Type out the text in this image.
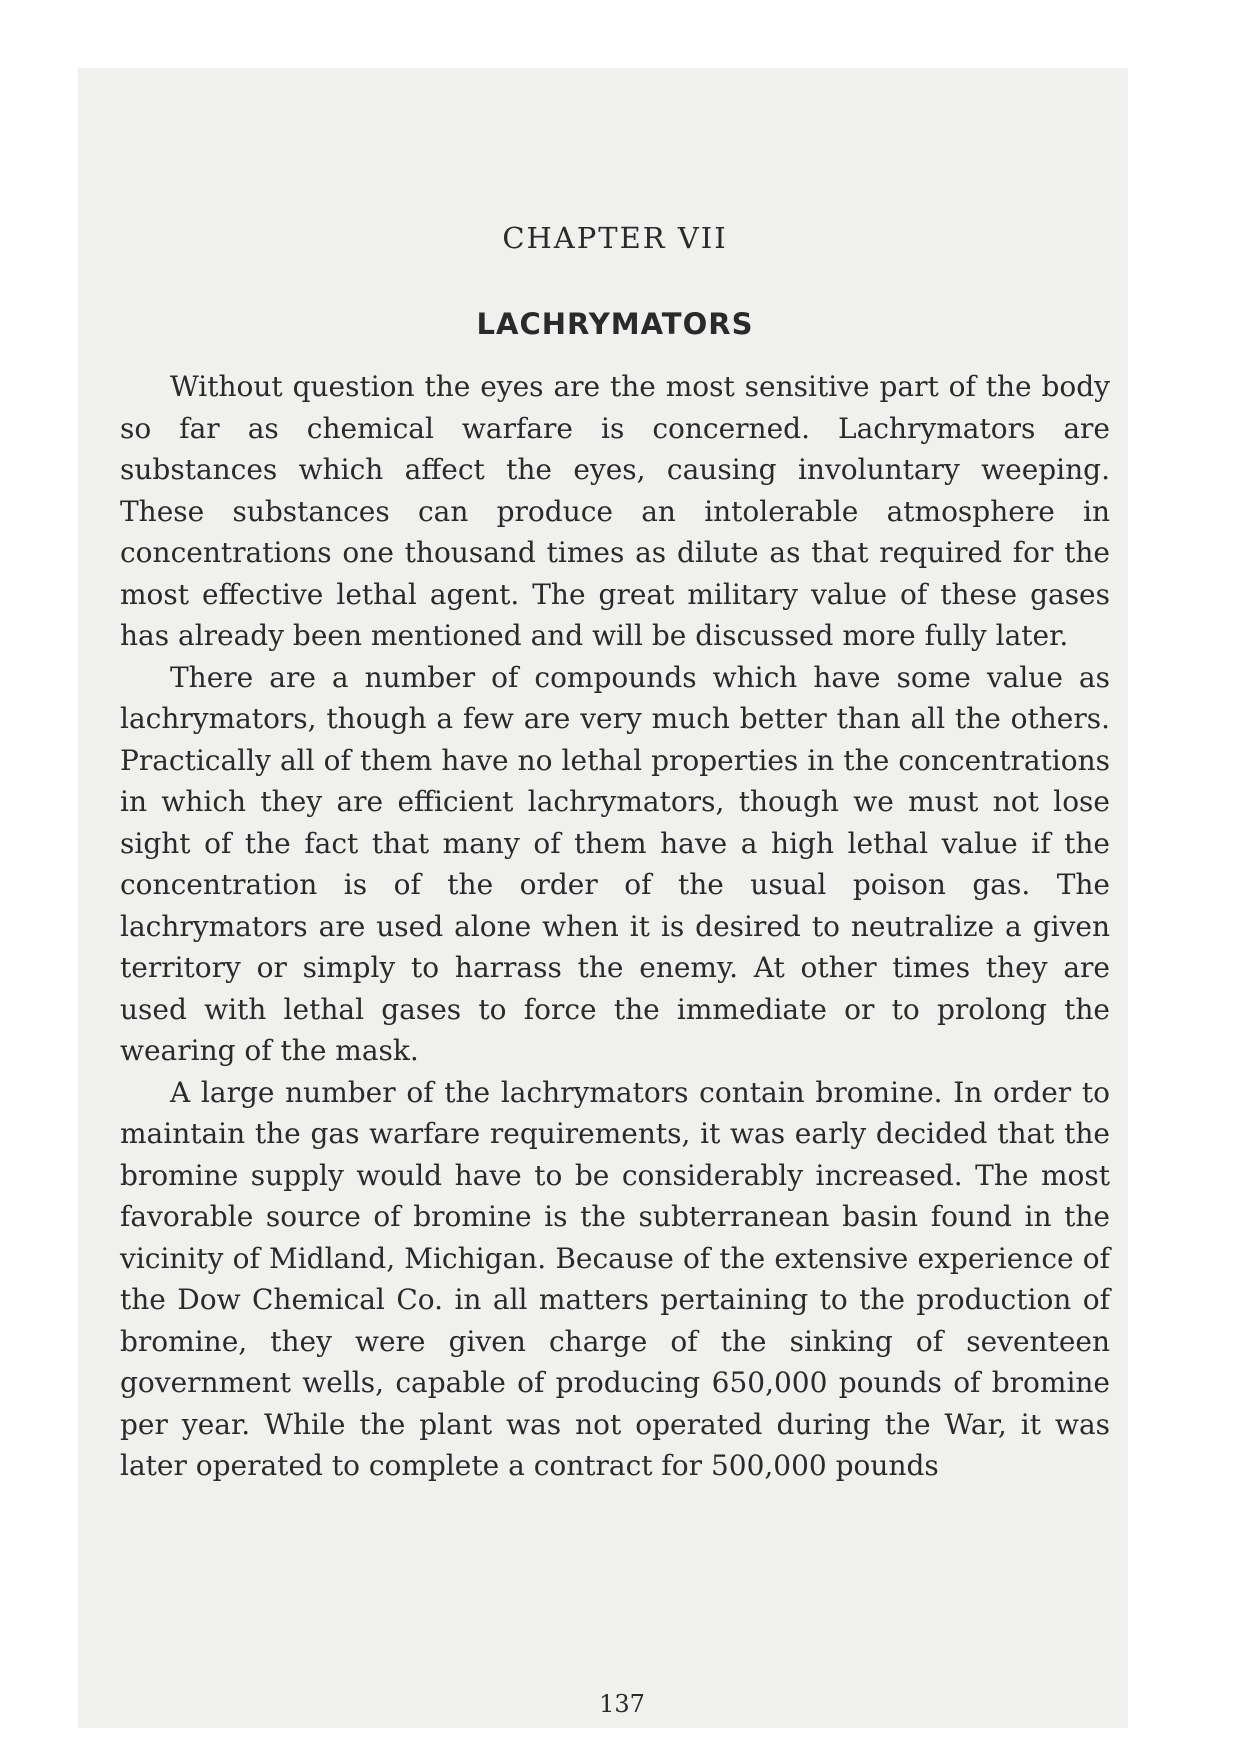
CHAPTER VII
LACHRYMATORS

Without question the eyes are the most sensitive part of the body so far as chemical warfare is concerned. Lachrymators are substances which affect the eyes, causing involuntary weeping. These substances can produce an intolerable atmosphere in concentrations one thousand times as dilute as that required for the most effective lethal agent. The great military value of these gases has already been mentioned and will be discussed more fully later.

There are a number of compounds which have some value as lachrymators, though a few are very much better than all the others. Practically all of them have no lethal properties in the concentrations in which they are efficient lachrymators, though we must not lose sight of the fact that many of them have a high lethal value if the concentration is of the order of the usual poison gas. The lachrymators are used alone when it is desired to neutralize a given territory or simply to harrass the enemy. At other times they are used with lethal gases to force the immediate or to prolong the wearing of the mask.

A large number of the lachrymators contain bromine. In order to maintain the gas warfare requirements, it was early decided that the bromine supply would have to be considerably increased. The most favorable source of bromine is the subterranean basin found in the vicinity of Midland, Michigan. Because of the extensive experience of the Dow Chemical Co. in all matters pertaining to the production of bromine, they were given charge of the sinking of seventeen government wells, capable of producing 650,000 pounds of bromine per year. While the plant was not operated during the War, it was later operated to complete a contract for 500,000 pounds

137
